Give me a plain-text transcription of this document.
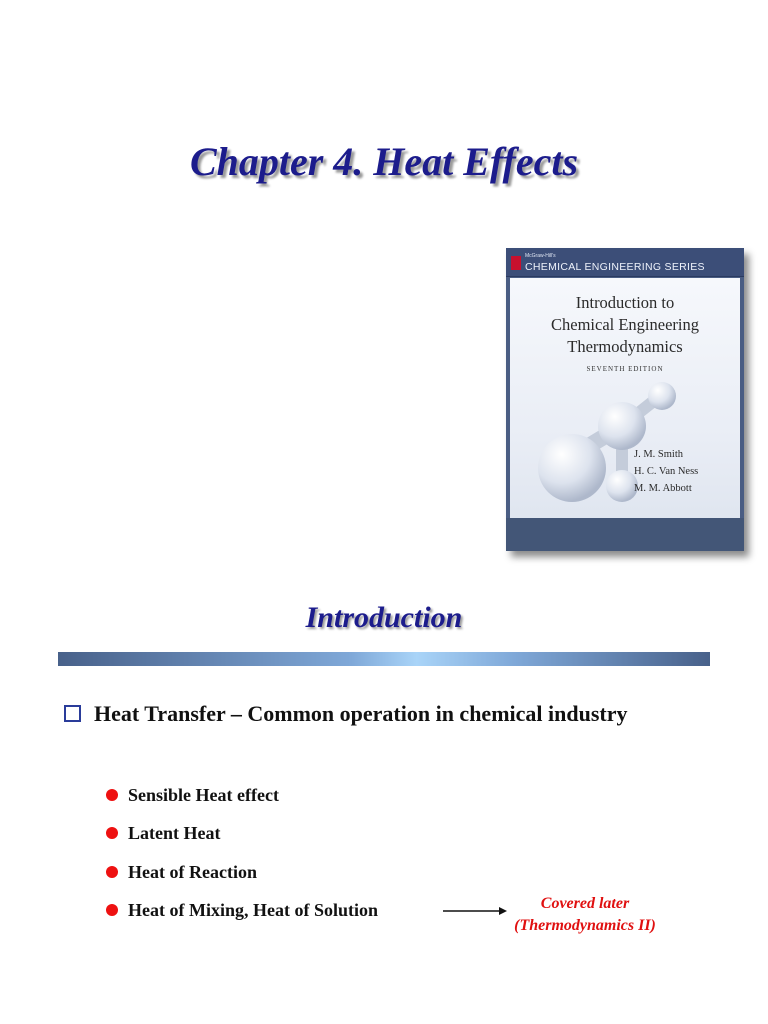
Chapter 4. Heat Effects
McGraw-Hill's
CHEMICAL ENGINEERING SERIES
Introduction to
Chemical Engineering
Thermodynamics
SEVENTH EDITION
J. M. Smith
H. C. Van Ness
M. M. Abbott
Introduction
Heat Transfer – Common operation in chemical industry
Sensible Heat effect
Latent Heat
Heat of Reaction
Heat of Mixing, Heat of Solution	Covered later
(Thermodynamics II)
